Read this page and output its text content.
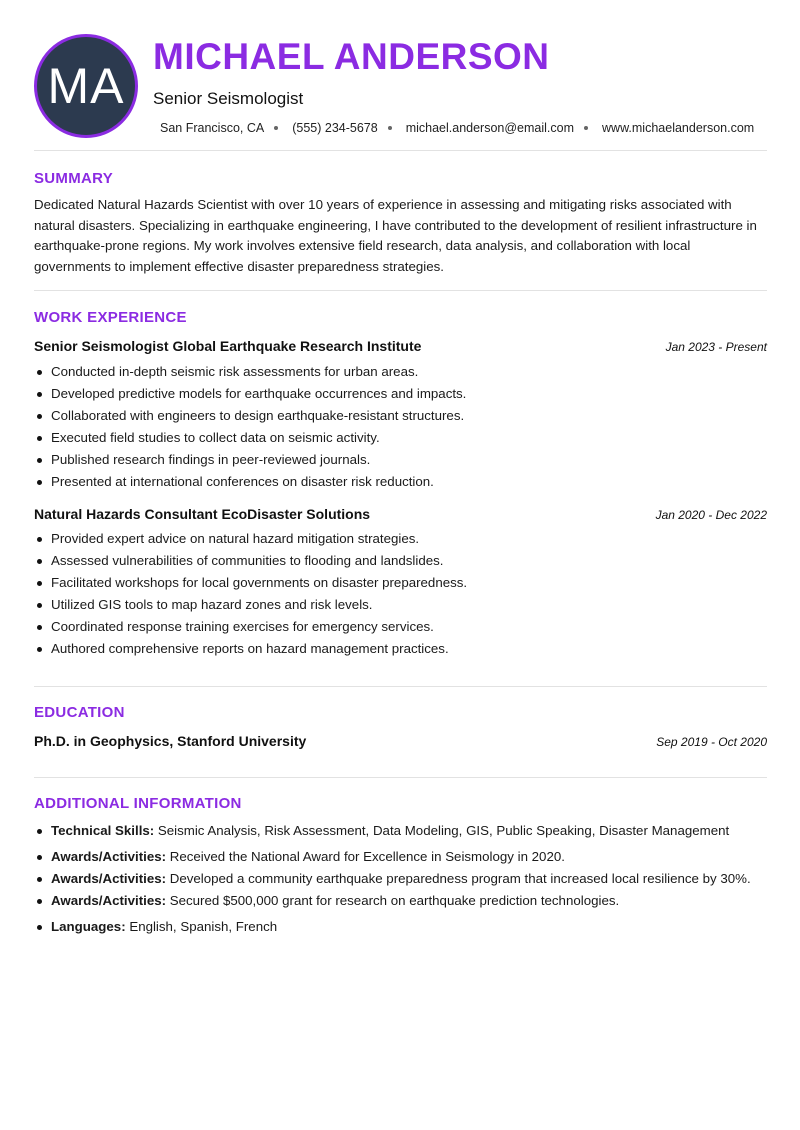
MA
MICHAEL ANDERSON
Senior Seismologist
San Francisco, CA (555) 234-5678 michael.anderson@email.com www.michaelanderson.com
SUMMARY
Dedicated Natural Hazards Scientist with over 10 years of experience in assessing and mitigating risks associated with natural disasters. Specializing in earthquake engineering, I have contributed to the development of resilient infrastructure in earthquake-prone regions. My work involves extensive field research, data analysis, and collaboration with local governments to implement effective disaster preparedness strategies.
WORK EXPERIENCE
Senior Seismologist Global Earthquake Research Institute	Jan 2023 - Present
Conducted in-depth seismic risk assessments for urban areas.
Developed predictive models for earthquake occurrences and impacts.
Collaborated with engineers to design earthquake-resistant structures.
Executed field studies to collect data on seismic activity.
Published research findings in peer-reviewed journals.
Presented at international conferences on disaster risk reduction.
Natural Hazards Consultant EcoDisaster Solutions	Jan 2020 - Dec 2022
Provided expert advice on natural hazard mitigation strategies.
Assessed vulnerabilities of communities to flooding and landslides.
Facilitated workshops for local governments on disaster preparedness.
Utilized GIS tools to map hazard zones and risk levels.
Coordinated response training exercises for emergency services.
Authored comprehensive reports on hazard management practices.
EDUCATION
Ph.D. in Geophysics, Stanford University	Sep 2019 - Oct 2020
ADDITIONAL INFORMATION
Technical Skills: Seismic Analysis, Risk Assessment, Data Modeling, GIS, Public Speaking, Disaster Management
Awards/Activities: Received the National Award for Excellence in Seismology in 2020.
Awards/Activities: Developed a community earthquake preparedness program that increased local resilience by 30%.
Awards/Activities: Secured $500,000 grant for research on earthquake prediction technologies.
Languages: English, Spanish, French
